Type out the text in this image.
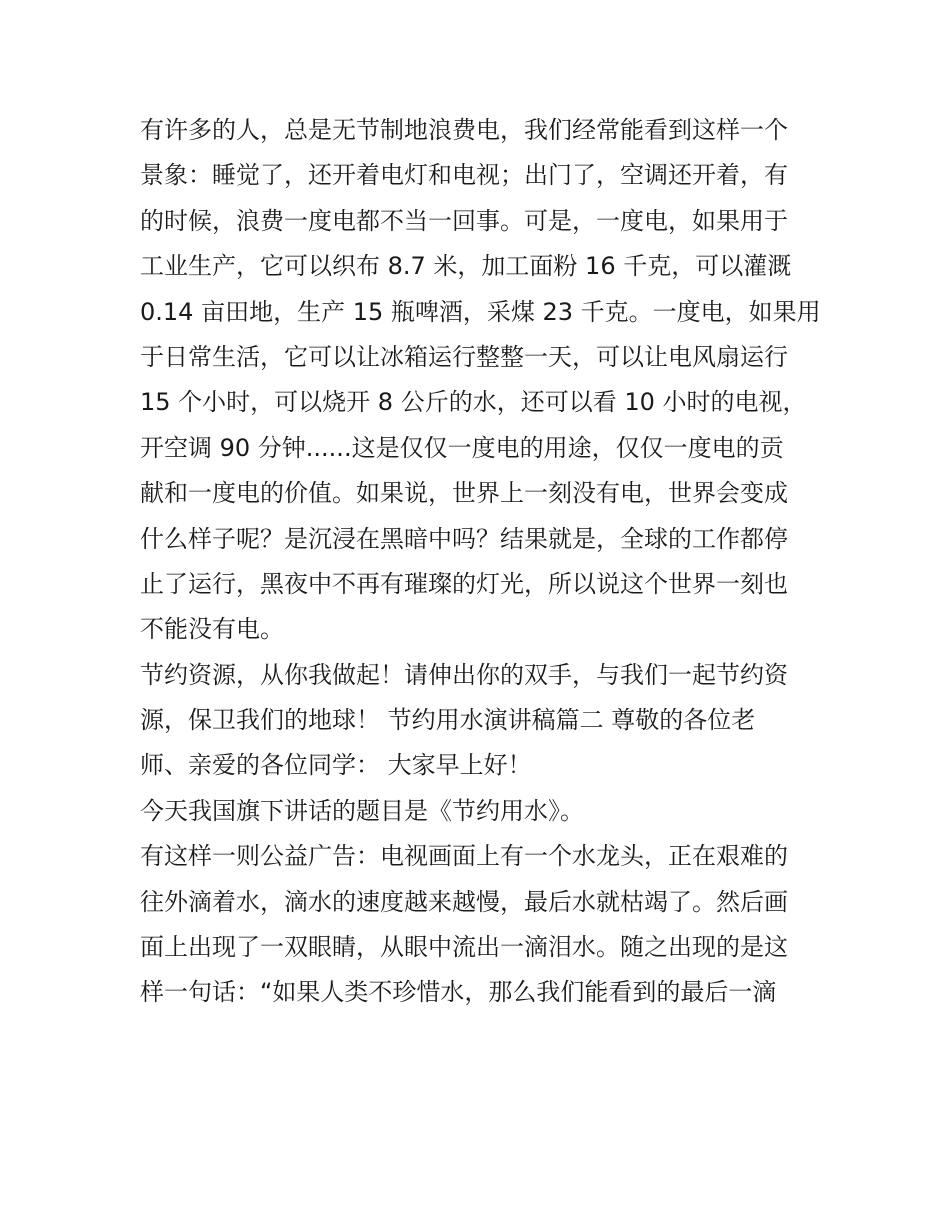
有许多的人，总是无节制地浪费电，我们经常能看到这样一个
景象：睡觉了，还开着电灯和电视；出门了，空调还开着，有
的时候，浪费一度电都不当一回事。可是，一度电，如果用于
工业生产，它可以织布 8.7 米，加工面粉 16 千克，可以灌溉
0.14 亩田地，生产 15 瓶啤酒，采煤 23 千克。一度电，如果用
于日常生活，它可以让冰箱运行整整一天，可以让电风扇运行
15 个小时，可以烧开 8 公斤的水，还可以看 10 小时的电视，
开空调 90 分钟......这是仅仅一度电的用途，仅仅一度电的贡
献和一度电的价值。如果说，世界上一刻没有电，世界会变成
什么样子呢？是沉浸在黑暗中吗？结果就是，全球的工作都停
止了运行，黑夜中不再有璀璨的灯光，所以说这个世界一刻也
不能没有电。
节约资源，从你我做起！请伸出你的双手，与我们一起节约资
源，保卫我们的地球！ 节约用水演讲稿篇二 尊敬的各位老
师、亲爱的各位同学： 大家早上好！
今天我国旗下讲话的题目是《节约用水》。
有这样一则公益广告：电视画面上有一个水龙头，正在艰难的
往外滴着水，滴水的速度越来越慢，最后水就枯竭了。然后画
面上出现了一双眼睛，从眼中流出一滴泪水。随之出现的是这
样一句话：“如果人类不珍惜水，那么我们能看到的最后一滴
